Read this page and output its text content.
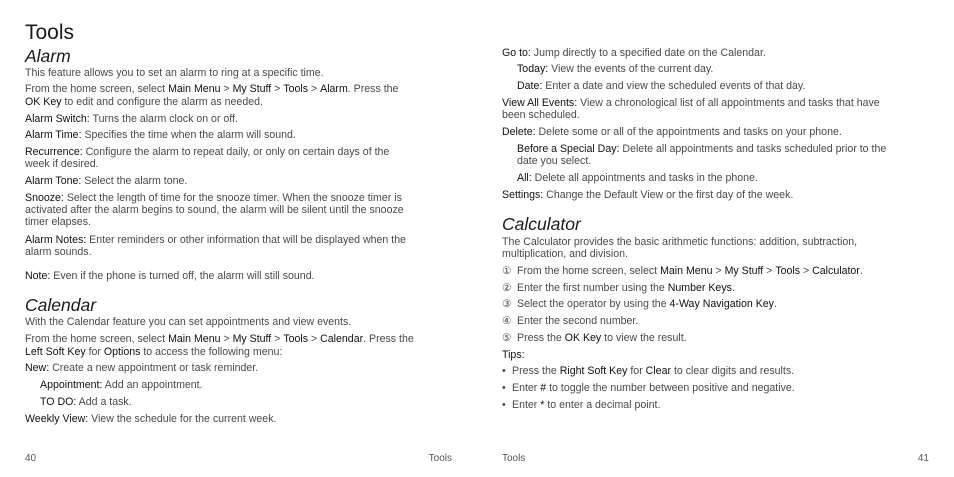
Tools
Alarm

This feature allows you to set an alarm to ring at a specific time.

From the home screen, select Main Menu > My Stuff > Tools > Alarm. Press the

OK Key to edit and configure the alarm as needed.

Alarm Switch: Turns the alarm clock on or off.

Alarm Time: Specifies the time when the alarm will sound.

Recurrence: Configure the alarm to repeat daily, or only on certain days of the

week if desired.

Alarm Tone: Select the alarm tone.

Snooze: Select the length of time for the snooze timer. When the snooze timer is

activated after the alarm begins to sound, the alarm will be silent until the snooze

timer elapses.

Alarm Notes: Enter reminders or other information that will be displayed when the

alarm sounds.

Note: Even if the phone is turned off, the alarm will still sound.

Calendar

With the Calendar feature you can set appointments and view events.

From the home screen, select Main Menu > My Stuff > Tools > Calendar. Press the

Left Soft Key for Options to access the following menu:

New: Create a new appointment or task reminder.

Appointment: Add an appointment.

TO DO: Add a task.

Weekly View: View the schedule for the current week.

40	Tools

Go to: Jump directly to a specified date on the Calendar.

Today: View the events of the current day.

Date: Enter a date and view the scheduled events of that day.

View All Events: View a chronological list of all appointments and tasks that have

been scheduled.

Delete: Delete some or all of the appointments and tasks on your phone.

Before a Special Day: Delete all appointments and tasks scheduled prior to the

date you select.

All: Delete all appointments and tasks in the phone.

Settings: Change the Default View or the first day of the week.

Calculator

The Calculator provides the basic arithmetic functions: addition, subtraction,

multiplication, and division.

① From the home screen, select Main Menu > My Stuff > Tools > Calculator.

② Enter the first number using the Number Keys.

③ Select the operator by using the 4-Way Navigation Key.

④ Enter the second number.

⑤ Press the OK Key to view the result.

Tips:

• Press the Right Soft Key for Clear to clear digits and results.

• Enter # to toggle the number between positive and negative.

• Enter * to enter a decimal point.

Tools	41
